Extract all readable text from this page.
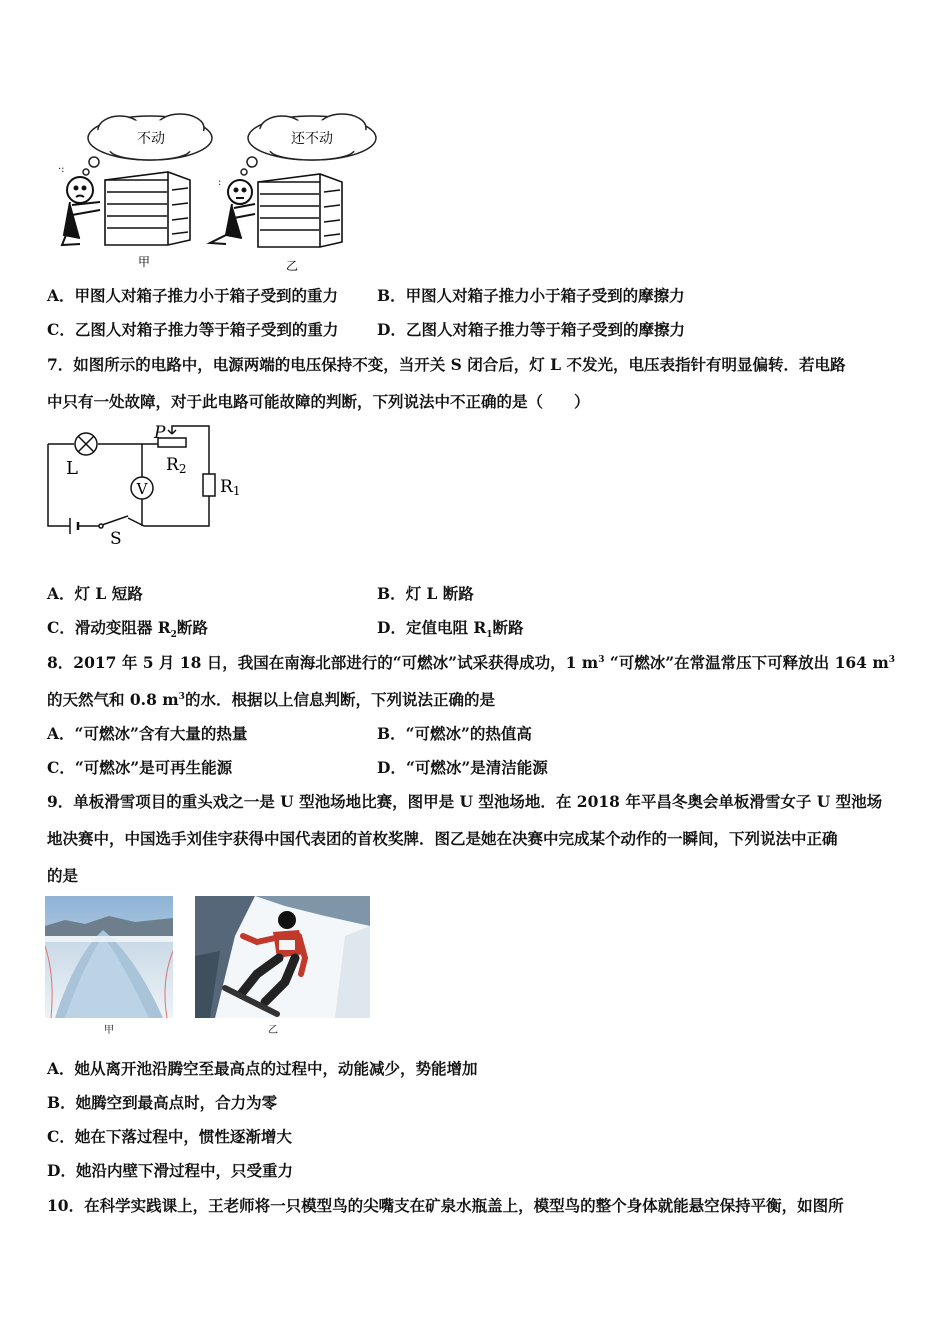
不动	还不动
·:
:
甲	乙
A．甲图人对箱子推力小于箱子受到的重力	B．甲图人对箱子推力小于箱子受到的摩擦力
C．乙图人对箱子推力等于箱子受到的重力 D．乙图人对箱子推力等于箱子受到的摩擦力
7．如图所示的电路中，电源两端的电压保持不变，当开关 S 闭合后，灯 L 不发光，电压表指针有明显偏转．若电路
中只有一处故障，对于此电路可能故障的判断，下列说法中不正确的是（　　）
L
V
P
R2
R1
S
A．灯 L 短路	B．灯 L 断路
C．滑动变阻器 $R_2$断路	D．定值电阻 $R_1$断路
8．2017 年 5 月 18 日，我国在南海北部进行的“可燃冰”试采获得成功，1 $m^3$ “可燃冰”在常温常压下可释放出 164 $m^3$
的天然气和 0.8 $m^3$的水．根据以上信息判断，下列说法正确的是
A．“可燃冰”含有大量的热量	B．“可燃冰”的热值高
C．“可燃冰”是可再生能源	D．“可燃冰”是清洁能源
9．单板滑雪项目的重头戏之一是 U 型池场地比赛，图甲是 U 型池场地．在 2018 年平昌冬奥会单板滑雪女子 U 型池场
地决赛中，中国选手刘佳宇获得中国代表团的首枚奖牌．图乙是她在决赛中完成某个动作的一瞬间，下列说法中正确
的是
甲	乙
A．她从离开池沿腾空至最高点的过程中，动能减少，势能增加
B．她腾空到最高点时，合力为零
C．她在下落过程中，惯性逐渐增大
D．她沿内壁下滑过程中，只受重力
10．在科学实践课上，王老师将一只模型鸟的尖嘴支在矿泉水瓶盖上，模型鸟的整个身体就能悬空保持平衡，如图所
